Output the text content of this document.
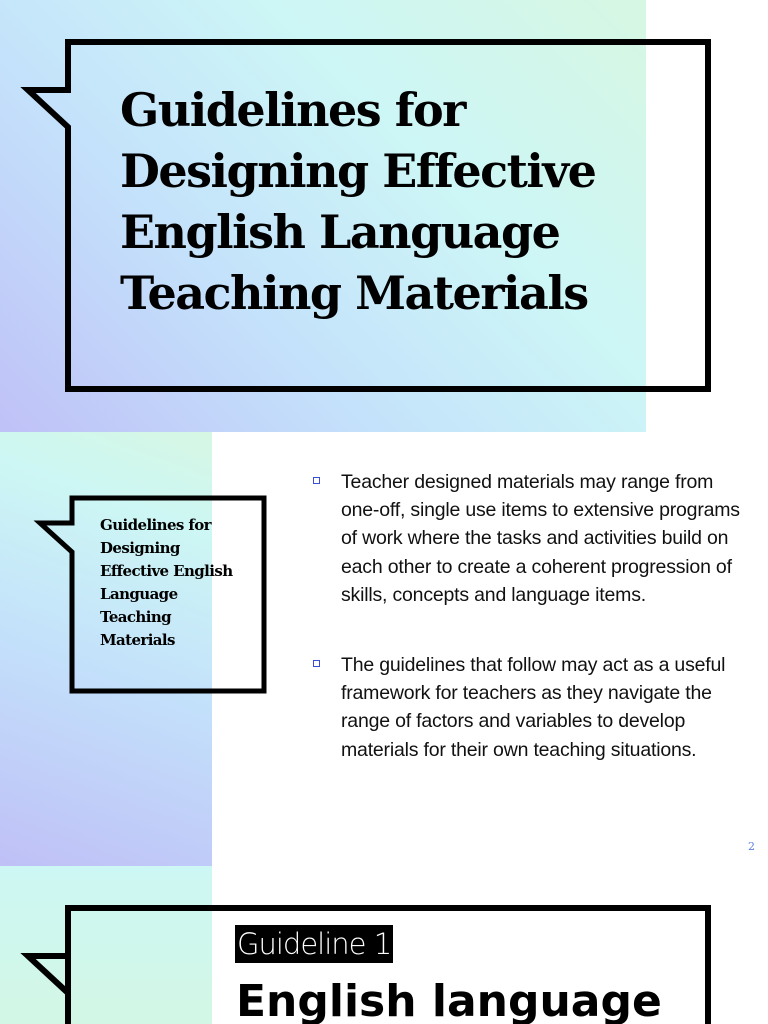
Guidelines for Designing Effective English Language Teaching Materials
Guidelines for Designing Effective English Language Teaching Materials
Teacher designed materials may range from one-off, single use items to extensive programs of work where the tasks and activities build on each other to create a coherent progression of skills, concepts and language items.
The guidelines that follow may act as a useful framework for teachers as they navigate the range of factors and variables to develop materials for their own teaching situations.
2
Guideline 1
English language
